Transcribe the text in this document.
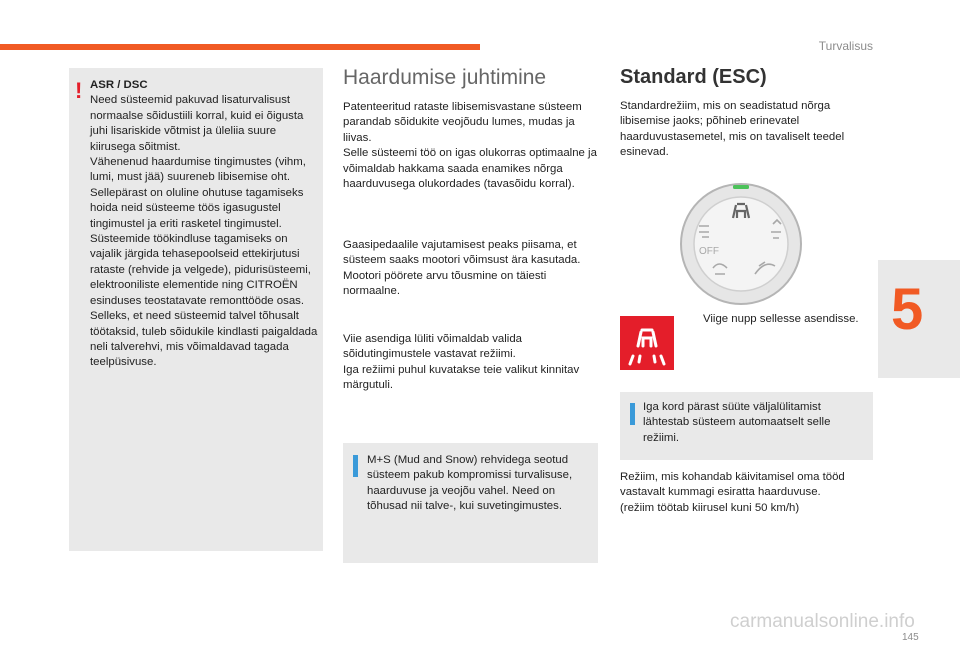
Turvalisus
5
! ASR / DSC

Need süsteemid pakuvad lisaturvalisust normaalse sõidustiili korral, kuid ei õigusta juhi lisariskide võtmist ja üleliia suure kiirusega sõitmist.

Vähenenud haardumise tingimustes (vihm, lumi, must jää) suureneb libisemise oht. Sellepärast on oluline ohutuse tagamiseks hoida neid süsteeme töös igasugustel tingimustel ja eriti rasketel tingimustel.

Süsteemide töökindluse tagamiseks on vajalik järgida tehasepoolseid ettekirjutusi rataste (rehvide ja velgede), pidurisüsteemi, elektrooniliste elementide ning CITROËN esinduses teostatavate remonttööde osas.

Selleks, et need süsteemid talvel tõhusalt töötaksid, tuleb sõidukile kindlasti paigaldada neli talverehvi, mis võimaldavad tagada teelpüsivuse.

Haardumise juhtimine

Patenteeritud rataste libisemisvastane süsteem parandab sõidukite veojõudu lumes, mudas ja liivas.

Selle süsteemi töö on igas olukorras optimaalne ja võimaldab hakkama saada enamikes nõrga haarduvusega olukordades (tavasõidu korral).

Gaasipedaalile vajutamisest peaks piisama, et süsteem saaks mootori võimsust ära kasutada. Mootori pöörete arvu tõusmine on täiesti normaalne.

Viie asendiga lüliti võimaldab valida sõidutingimustele vastavat režiimi.

Iga režiimi puhul kuvatakse teie valikut kinnitav märgutuli.

M+S (Mud and Snow) rehvidega seotud süsteem pakub kompromissi turvalisuse, haarduvuse ja veojõu vahel. Need on tõhusad nii talve-, kui suvetingimustes.
Standard (ESC)
Standardrežiim, mis on seadistatud nõrga libisemise jaoks; põhineb erinevatel haarduvustasemetel, mis on tavaliselt teedel esinevad.
OFF
Viige nupp sellesse asendisse.
Iga kord pärast süüte väljalülitamist lähtestab süsteem automaatselt selle režiimi.

Režiim, mis kohandab käivitamisel oma tööd vastavalt kummagi esiratta haarduvuse.

(režiim töötab kiirusel kuni 50 km/h)

carmanualsonline.info
145
